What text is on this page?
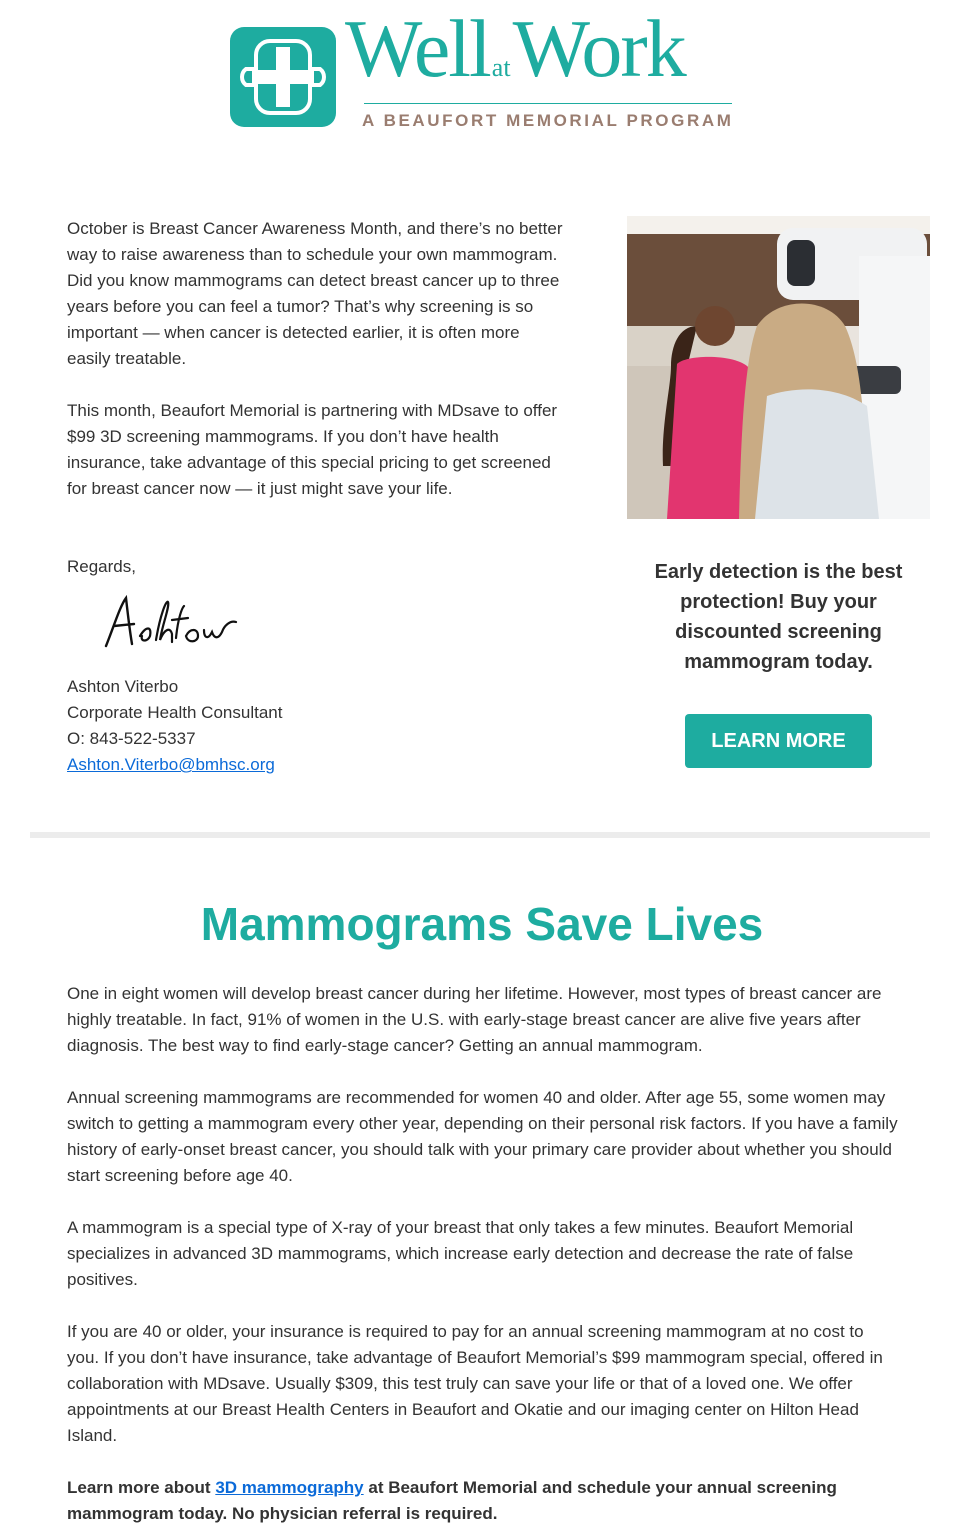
WellatWork
A BEAUFORT MEMORIAL PROGRAM

October is Breast Cancer Awareness Month, and there’s no better way to raise awareness than to schedule your own mammogram. Did you know mammograms can detect breast cancer up to three years before you can feel a tumor? That’s why screening is so important — when cancer is detected earlier, it is often more easily treatable.

This month, Beaufort Memorial is partnering with MDsave to offer $99 3D screening mammograms. If you don’t have health insurance, take advantage of this special pricing to get screened for breast cancer now — it just might save your life.

Regards,
Ashton Viterbo
Corporate Health Consultant
O: 843-522-5337
Ashton.Viterbo@bmhsc.org
Early detection is the best protection! Buy your discounted screening mammogram today.
LEARN MORE
Mammograms Save Lives

One in eight women will develop breast cancer during her lifetime. However, most types of breast cancer are highly treatable. In fact, 91% of women in the U.S. with early-stage breast cancer are alive five years after diagnosis. The best way to find early-stage cancer? Getting an annual mammogram.

Annual screening mammograms are recommended for women 40 and older. After age 55, some women may switch to getting a mammogram every other year, depending on their personal risk factors. If you have a family history of early-onset breast cancer, you should talk with your primary care provider about whether you should start screening before age 40.

A mammogram is a special type of X-ray of your breast that only takes a few minutes. Beaufort Memorial specializes in advanced 3D mammograms, which increase early detection and decrease the rate of false positives.

If you are 40 or older, your insurance is required to pay for an annual screening mammogram at no cost to you. If you don’t have insurance, take advantage of Beaufort Memorial’s $99 mammogram special, offered in collaboration with MDsave. Usually $309, this test truly can save your life or that of a loved one. We offer appointments at our Breast Health Centers in Beaufort and Okatie and our imaging center on Hilton Head Island.

Learn more about 3D mammography at Beaufort Memorial and schedule your annual screening mammogram today. No physician referral is required.
